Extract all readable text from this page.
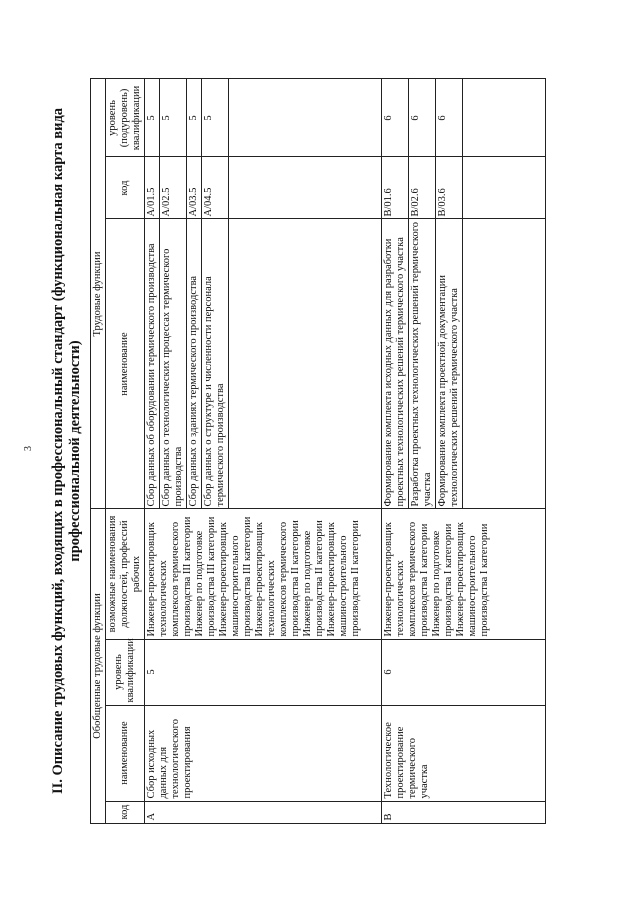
3 II. Описание трудовых функций, входящих в профессиональный стандарт (функциональная карта вида профессиональной деятельности)
Обобщенные трудовые функции				Трудовые функции		
код	наименование	уровень квалификации	возможные наименования должностей, профессий рабочих	наименование	код	уровень (подуровень) квалификации
A	Сбор исходных данных для технологического проектирования	5	Инженер-проектировщик технологических комплексов термического производства III категории Инженер по подготовке производства III категории Инженер-проектировщик машиностроительного производства III категории Инженер-проектировщик технологических комплексов термического производства II категории Инженер по подготовке производства II категории Инженер-проектировщик машиностроительного производства II категории	Сбор данных об оборудовании термического производства	A/01.5	5
				Сбор данных о технологических процессах термического производства	A/02.5	5
				Сбор данных о зданиях термического производства	A/03.5	5
				Сбор данных о структуре и численности персонала термического производства	A/04.5	5

B	Технологическое проектирование термического участка	6	Инженер-проектировщик технологических комплексов термического производства I категории Инженер по подготовке производства I категории Инженер-проектировщик машиностроительного производства I категории	Формирование комплекта исходных данных для разработки проектных технологических решений термического участка	B/01.6	6
				Разработка проектных технологических решений термического участка	B/02.6	6
				Формирование комплекта проектной документации технологических решений термического участка	B/03.6	6
